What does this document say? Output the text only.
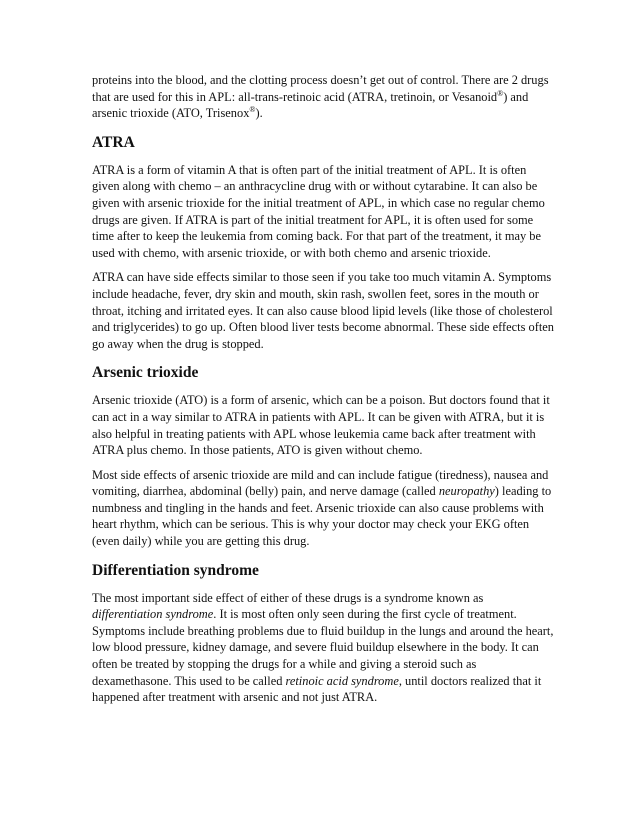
proteins into the blood, and the clotting process doesn’t get out of control. There are 2 drugs
that are used for this in APL: all-trans-retinoic acid (ATRA, tretinoin, or Vesanoid®) and
arsenic trioxide (ATO, Trisenox®).

ATRA

ATRA is a form of vitamin A that is often part of the initial treatment of APL. It is often
given along with chemo – an anthracycline drug with or without cytarabine. It can also be
given with arsenic trioxide for the initial treatment of APL, in which case no regular chemo
drugs are given. If ATRA is part of the initial treatment for APL, it is often used for some
time after to keep the leukemia from coming back. For that part of the treatment, it may be
used with chemo, with arsenic trioxide, or with both chemo and arsenic trioxide.

ATRA can have side effects similar to those seen if you take too much vitamin A. Symptoms
include headache, fever, dry skin and mouth, skin rash, swollen feet, sores in the mouth or
throat, itching and irritated eyes. It can also cause blood lipid levels (like those of cholesterol
and triglycerides) to go up. Often blood liver tests become abnormal. These side effects often
go away when the drug is stopped.

Arsenic trioxide

Arsenic trioxide (ATO) is a form of arsenic, which can be a poison. But doctors found that it
can act in a way similar to ATRA in patients with APL. It can be given with ATRA, but it is
also helpful in treating patients with APL whose leukemia came back after treatment with
ATRA plus chemo. In those patients, ATO is given without chemo.

Most side effects of arsenic trioxide are mild and can include fatigue (tiredness), nausea and
vomiting, diarrhea, abdominal (belly) pain, and nerve damage (called neuropathy) leading to
numbness and tingling in the hands and feet. Arsenic trioxide can also cause problems with
heart rhythm, which can be serious. This is why your doctor may check your EKG often
(even daily) while you are getting this drug.

Differentiation syndrome

The most important side effect of either of these drugs is a syndrome known as
differentiation syndrome. It is most often only seen during the first cycle of treatment.
Symptoms include breathing problems due to fluid buildup in the lungs and around the heart,
low blood pressure, kidney damage, and severe fluid buildup elsewhere in the body. It can
often be treated by stopping the drugs for a while and giving a steroid such as
dexamethasone. This used to be called retinoic acid syndrome, until doctors realized that it
happened after treatment with arsenic and not just ATRA.
